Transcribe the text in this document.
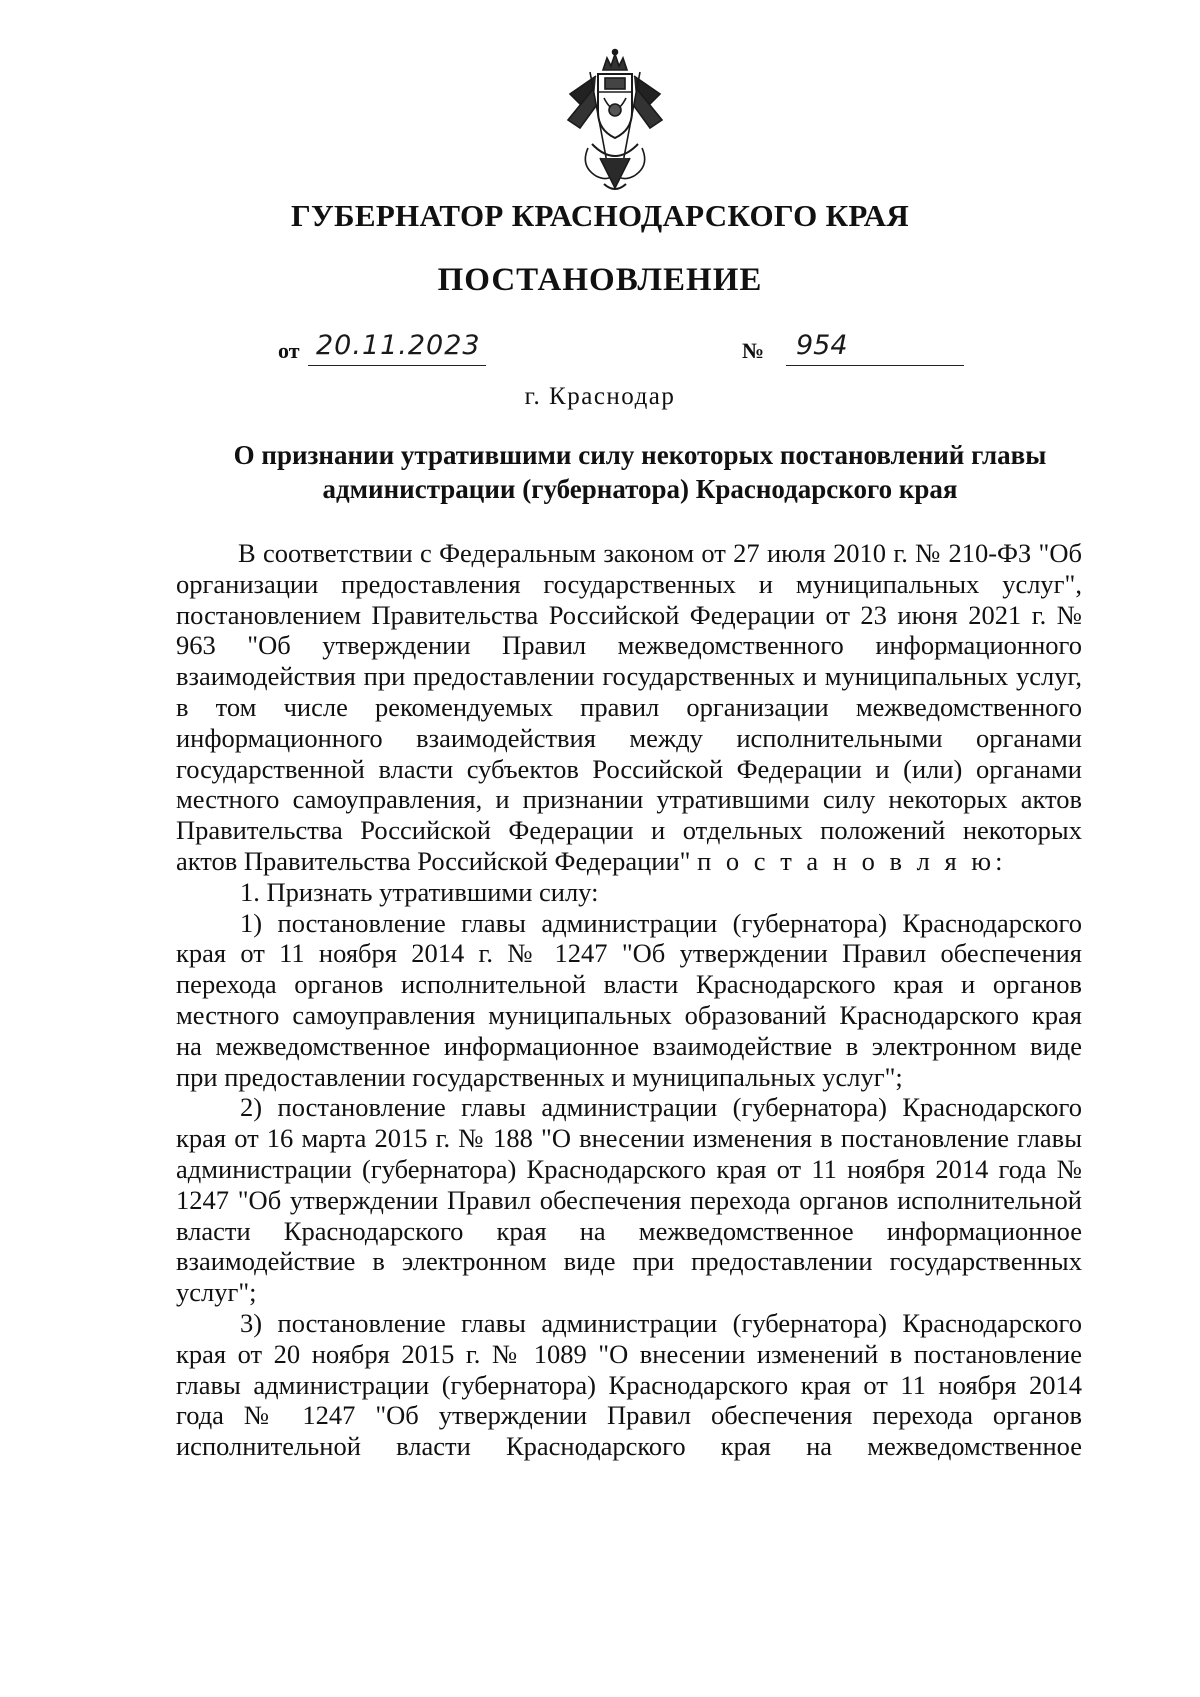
ГУБЕРНАТОР КРАСНОДАРСКОГО КРАЯ
ПОСТАНОВЛЕНИЕ
от 20.11.2023	№ 954
г. Краснодар
О признании утратившими силу некоторых постановлений главы
администрации (губернатора) Краснодарского края

В соответствии с Федеральным законом от 27 июля 2010 г. № 210-ФЗ "Об организации предоставления государственных и муниципальных услуг", постановлением Правительства Российской Федерации от 23 июня 2021 г. № 963 "Об утверждении Правил межведомственного информационного взаимодействия при предоставлении государственных и муниципальных услуг, в том числе рекомендуемых правил организации межведомственного информационного взаимодействия между исполнительными органами государственной власти субъектов Российской Федерации и (или) органами местного самоуправления, и признании утратившими силу некоторых актов Правительства Российской Федерации и отдельных положений некоторых актов Правительства Российской Федерации" п о с т а н о в л я ю:

1. Признать утратившими силу:

1) постановление главы администрации (губернатора) Краснодарского края от 11 ноября 2014 г. № 1247 "Об утверждении Правил обеспечения перехода органов исполнительной власти Краснодарского края и органов местного самоуправления муниципальных образований Краснодарского края на межведомственное информационное взаимодействие в электронном виде при предоставлении государственных и муниципальных услуг";

2) постановление главы администрации (губернатора) Краснодарского края от 16 марта 2015 г. № 188 "О внесении изменения в постановление главы администрации (губернатора) Краснодарского края от 11 ноября 2014 года № 1247 "Об утверждении Правил обеспечения перехода органов исполнительной власти Краснодарского края на межведомственное информационное взаимодействие в электронном виде при предоставлении государственных услуг";

3) постановление главы администрации (губернатора) Краснодарского края от 20 ноября 2015 г. № 1089 "О внесении изменений в постановление главы администрации (губернатора) Краснодарского края от 11 ноября 2014 года № 1247 "Об утверждении Правил обеспечения перехода органов исполнительной власти Краснодарского края на межведомственное
